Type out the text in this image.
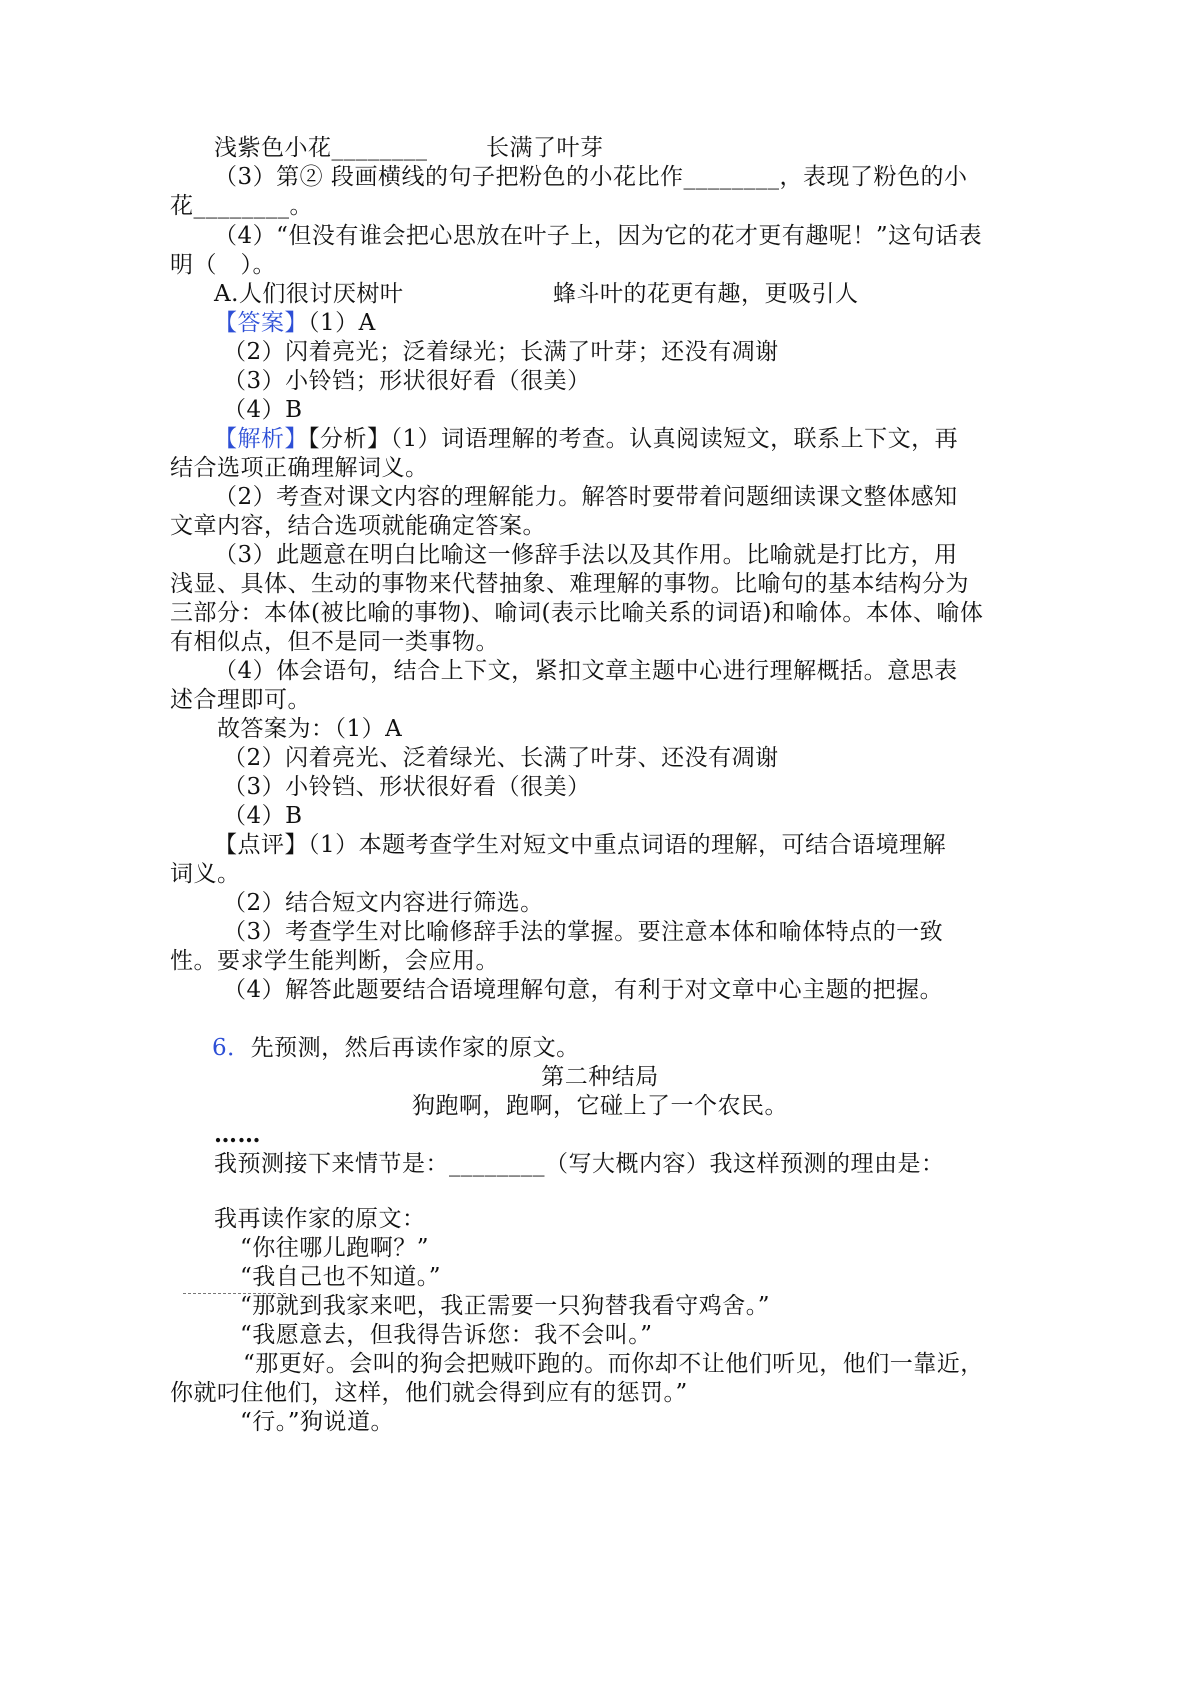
浅紫色小花________	长满了叶芽
（3）第② 段画横线的句子把粉色的小花比作________，表现了粉色的小
花________。
（4）“但没有谁会把心思放在叶子上，因为它的花才更有趣呢！”这句话表
明（　）。
A.人们很讨厌树叶	蜂斗叶的花更有趣，更吸引人
【答案】（1）A
（2）闪着亮光；泛着绿光；长满了叶芽；还没有凋谢
（3）小铃铛；形状很好看（很美）
（4）B
【解析】【分析】（1）词语理解的考查。认真阅读短文，联系上下文，再
结合选项正确理解词义。
（2）考查对课文内容的理解能力。解答时要带着问题细读课文整体感知
文章内容，结合选项就能确定答案。
（3）此题意在明白比喻这一修辞手法以及其作用。比喻就是打比方，用
浅显、具体、生动的事物来代替抽象、难理解的事物。比喻句的基本结构分为
三部分：本体(被比喻的事物)、喻词(表示比喻关系的词语)和喻体。本体、喻体
有相似点，但不是同一类事物。
（4）体会语句，结合上下文，紧扣文章主题中心进行理解概括。意思表
述合理即可。
故答案为：（1）A
（2）闪着亮光、泛着绿光、长满了叶芽、还没有凋谢
（3）小铃铛、形状很好看（很美）
（4）B
【点评】（1）本题考查学生对短文中重点词语的理解，可结合语境理解
词义。
（2）结合短文内容进行筛选。
（3）考查学生对比喻修辞手法的掌握。要注意本体和喻体特点的一致
性。要求学生能判断，会应用。
（4）解答此题要结合语境理解句意，有利于对文章中心主题的把握。
6．先预测，然后再读作家的原文。
第二种结局
狗跑啊，跑啊，它碰上了一个农民。
……
我预测接下来情节是：________（写大概内容）我这样预测的理由是：
我再读作家的原文：
“你往哪儿跑啊？”
“我自己也不知道。”
“那就到我家来吧，我正需要一只狗替我看守鸡舍。”
“我愿意去，但我得告诉您：我不会叫。”
“那更好。会叫的狗会把贼吓跑的。而你却不让他们听见，他们一靠近，
你就叼住他们，这样，他们就会得到应有的惩罚。”
“行。”狗说道。
